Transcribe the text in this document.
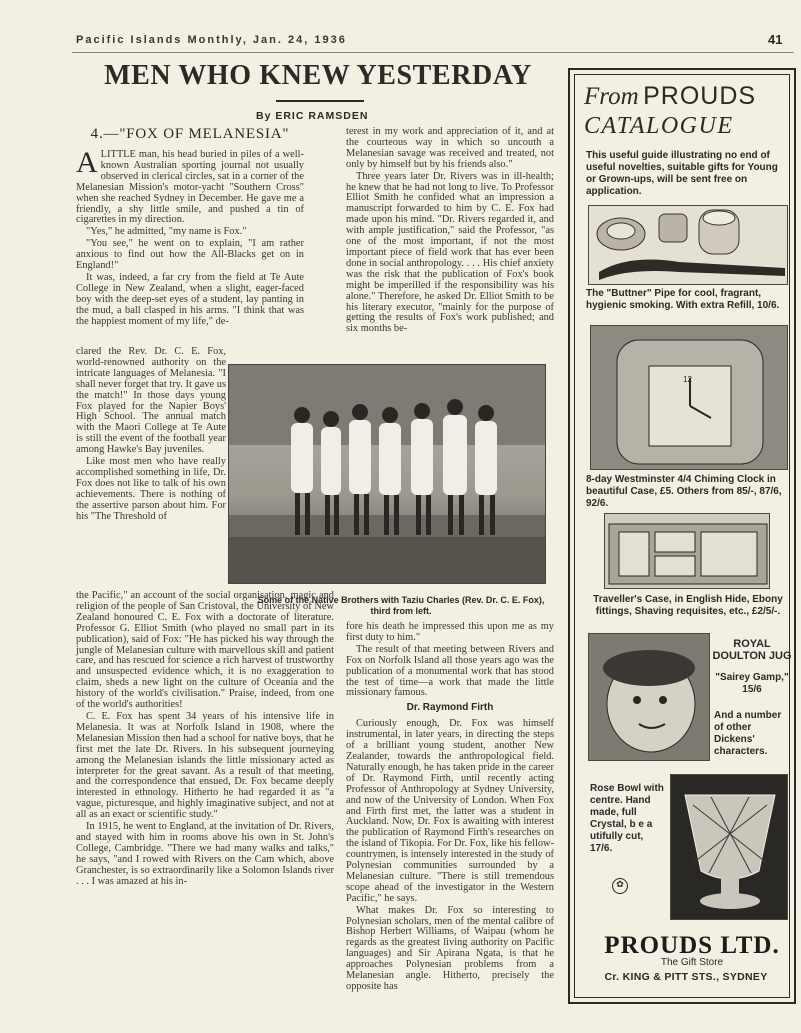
Pacific Islands Monthly, Jan. 24, 1936	41
MEN WHO KNEW YESTERDAY
By ERIC RAMSDEN
4.—"FOX OF MELANESIA"

ALITTLE man, his head buried in piles of a well-known Australian sporting journal not usually observed in clerical circles, sat in a corner of the Melanesian Mission's motor-yacht "Southern Cross" when she reached Sydney in December. He gave me a friendly, a shy little smile, and pushed a tin of cigarettes in my direction.

"Yes," he admitted, "my name is Fox."

"You see," he went on to explain, "I am rather anxious to find out how the All-Blacks get on in England!"

It was, indeed, a far cry from the field at Te Aute College in New Zealand, when a slight, eager-faced boy with the deep-set eyes of a student, lay panting in the mud, a ball clasped in his arms. "I think that was the happiest moment of my life," de-

clared the Rev. Dr. C. E. Fox, world-renowned authority on the intricate languages of Melanesia. "I shall never forget that try. It gave us the match!" In those days young Fox played for the Napier Boys' High School. The annual match with the Maori College at Te Aute is still the event of the football year among Hawke's Bay juveniles.

Like most men who have really accomplished something in life, Dr. Fox does not like to talk of his own achievements. There is nothing of the assertive parson about him. For his "The Threshold of

Some of the Native Brothers with Taziu Charles (Rev. Dr. C. E. Fox), third from left.

the Pacific," an account of the social organisation, magic and religion of the people of San Cristoval, the University of New Zealand honoured C. E. Fox with a doctorate of literature. Professor G. Elliot Smith (who played no small part in its publication), said of Fox: "He has picked his way through the jungle of Melanesian culture with marvellous skill and patient care, and has rescued for science a rich harvest of trustworthy and unsuspected evidence which, it is no exaggeration to claim, sheds a new light on the culture of Oceania and the history of the world's civilisation." Praise, indeed, from one of the world's authorities!

C. E. Fox has spent 34 years of his intensive life in Melanesia. It was at Norfolk Island in 1908, where the Melanesian Mission then had a school for native boys, that he first met the late Dr. Rivers. In his subsequent journeying among the Melanesian islands the little missionary acted as interpreter for the great savant. As a result of that meeting, and the correspondence that ensued, Dr. Fox became deeply interested in ethnology. Hitherto he had regarded it as "a vague, picturesque, and highly imaginative subject, and not at all as an exact or scientific study."

In 1915, he went to England, at the invitation of Dr. Rivers, and stayed with him in rooms above his own in St. John's College, Cambridge. "There we had many walks and talks," he says, "and I rowed with Rivers on the Cam which, above Granchester, is so extraordinarily like a Solomon Islands river . . . I was amazed at his in-

terest in my work and appreciation of it, and at the courteous way in which so uncouth a Melanesian savage was received and treated, not only by himself but by his friends also."

Three years later Dr. Rivers was in ill-health; he knew that he had not long to live. To Professor Elliot Smith he confided what an impression a manuscript forwarded to him by C. E. Fox had made upon his mind. "Dr. Rivers regarded it, and with ample justification," said the Professor, "as one of the most important, if not the most important piece of field work that has ever been done in social anthropology. . . . His chief anxiety was the risk that the publication of Fox's book might be imperilled if the responsibility was his alone." Therefore, he asked Dr. Elliot Smith to be his literary executor, "mainly for the purpose of getting the results of Fox's work published; and six months be-

fore his death he impressed this upon me as my first duty to him."

The result of that meeting between Rivers and Fox on Norfolk Island all those years ago was the publication of a monumental work that has stood the test of time—a work that made the little missionary famous.

Dr. Raymond Firth

Curiously enough, Dr. Fox was himself instrumental, in later years, in directing the steps of a brilliant young student, another New Zealander, towards the anthropological field. Naturally enough, he has taken pride in the career of Dr. Raymond Firth, until recently acting Professor of Anthropology at Sydney University, and now of the University of London. When Fox and Firth first met, the latter was a student in Auckland. Now, Dr. Fox is awaiting with interest the publication of Raymond Firth's researches on the island of Tikopia. For Dr. Fox, like his fellow-countrymen, is intensely interested in the study of Polynesian communities surrounded by a Melanesian culture. "There is still tremendous scope ahead of the investigator in the Western Pacific," he says.

What makes Dr. Fox so interesting to Polynesian scholars, men of the mental calibre of Bishop Herbert Williams, of Waipau (whom he regards as the greatest living authority on Pacific languages) and Sir Apirana Ngata, is that he approaches Polynesian problems from a Melanesian angle. Hitherto, precisely the opposite has

From PROUDS
CATALOGUE
This useful guide illustrating no end of useful novelties, suitable gifts for Young or Grown-ups, will be sent free on application.
The "Buttner" Pipe for cool, fragrant, hygienic smoking. With extra Refill, 10/6.
12
8-day Westminster 4/4 Chiming Clock in beautiful Case, £5. Others from 85/-, 87/6, 92/6.
Traveller's Case, in English Hide, Ebony fittings, Shaving requisites, etc., £2/5/-.
ROYAL DOULTON JUG
"Sairey Gamp," 15/6
And a number of other Dickens' characters.
Rose Bowl with centre. Hand made, full Crystal, b e a utifully cut, 17/6.
✿
PROUDS LTD.
The Gift Store
Cr. KING & PITT STS., SYDNEY
